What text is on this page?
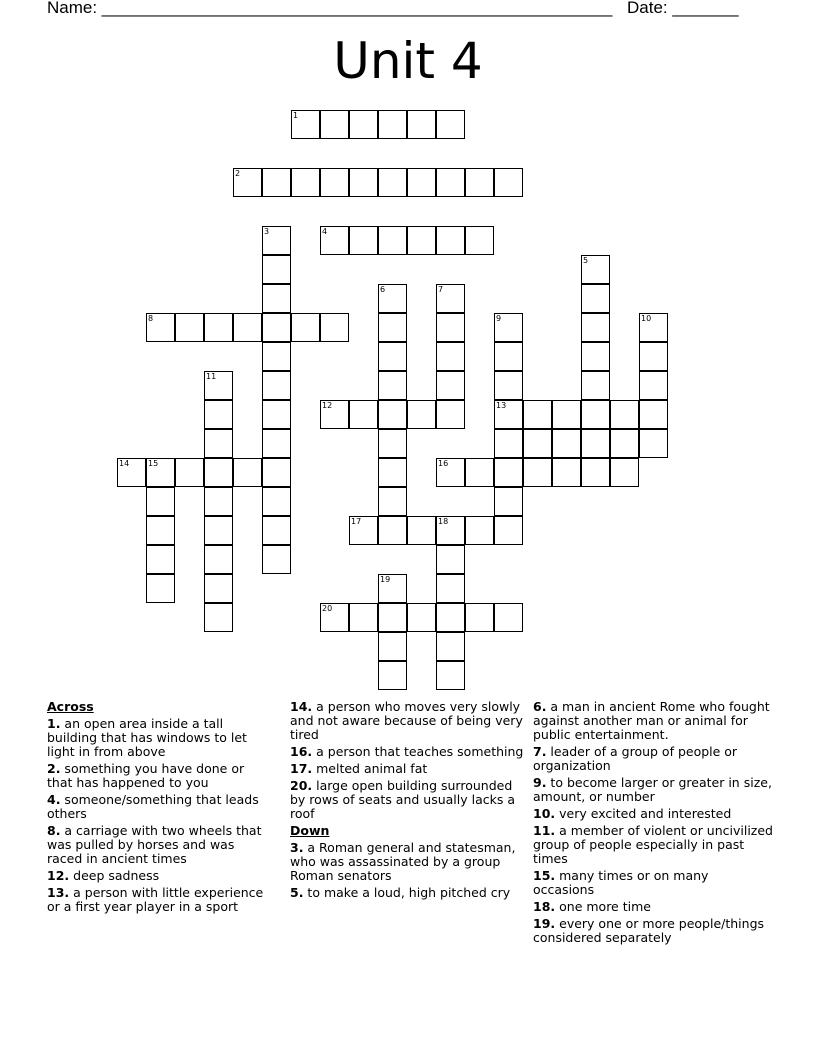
Name: ______________________________________________________ Date: _______
Unit 4
1
2
3	4
5
6	7
8	9
13
10
11
12
14 15	16
17	18
19
20
Across
1. an open area inside a tall building that has windows to let light in from above
2. something you have done or that has happened to you
4. someone/something that leads others
8. a carriage with two wheels that was pulled by horses and was raced in ancient times
12. deep sadness
13. a person with little experience or a first year player in a sport
14. a person who moves very slowly and not aware because of being very tired
16. a person that teaches something
17. melted animal fat
20. large open building surrounded by rows of seats and usually lacks a roof
Down
3. a Roman general and statesman, who was assassinated by a group Roman senators
5. to make a loud, high pitched cry
6. a man in ancient Rome who fought against another man or animal for public entertainment.
7. leader of a group of people or organization
9. to become larger or greater in size, amount, or number
10. very excited and interested
11. a member of violent or uncivilized group of people especially in past times
15. many times or on many occasions
18. one more time
19. every one or more people/things considered separately
